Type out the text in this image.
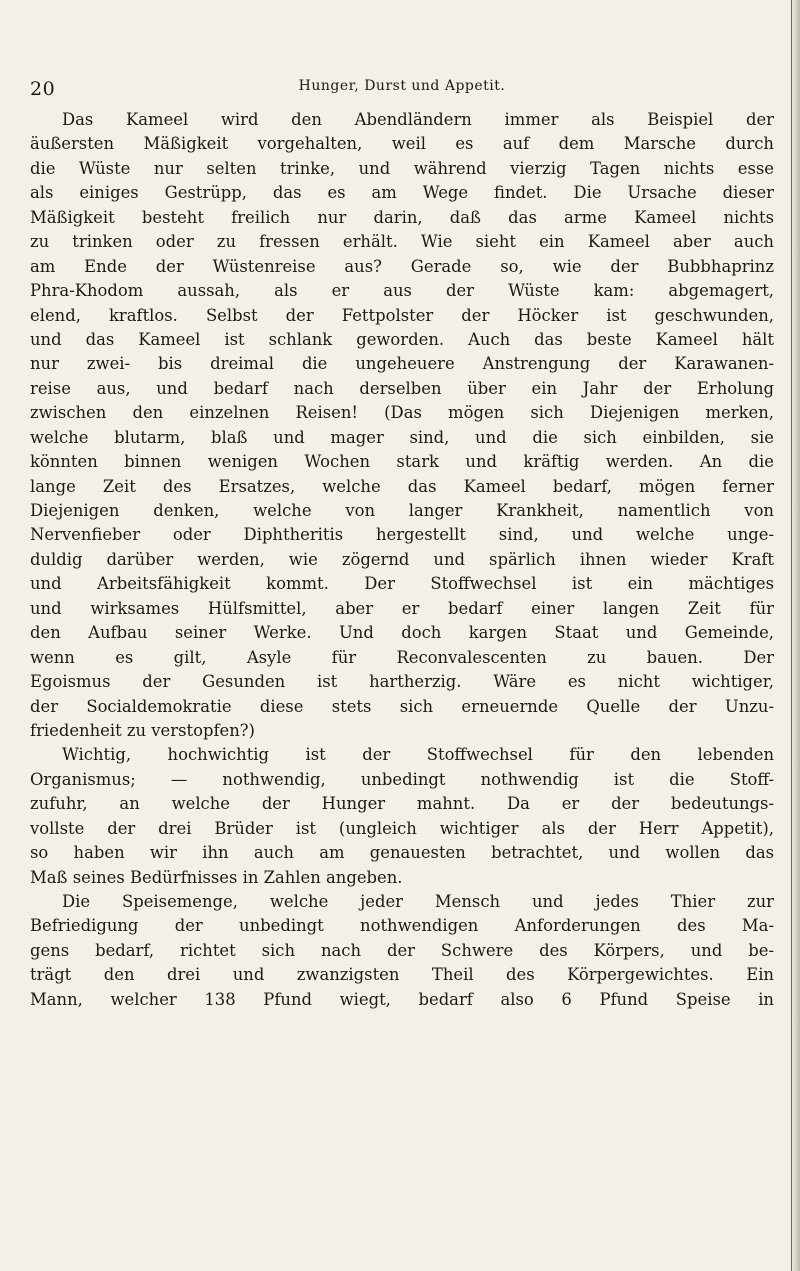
20	Hunger, Durst und Appetit.
Das Kameel wird den Abendländern immer als Beispiel der
äußersten Mäßigkeit vorgehalten, weil es auf dem Marsche durch
die Wüste nur selten trinke, und während vierzig Tagen nichts esse
als einiges Gestrüpp, das es am Wege findet. Die Ursache dieser
Mäßigkeit besteht freilich nur darin, daß das arme Kameel nichts
zu trinken oder zu fressen erhält. Wie sieht ein Kameel aber auch
am Ende der Wüstenreise aus? Gerade so, wie der Bubbhaprinz
Phra-Khodom aussah, als er aus der Wüste kam: abgemagert,
elend, kraftlos. Selbst der Fettpolster der Höcker ist geschwunden,
und das Kameel ist schlank geworden. Auch das beste Kameel hält
nur zwei- bis dreimal die ungeheuere Anstrengung der Karawanen-
reise aus, und bedarf nach derselben über ein Jahr der Erholung
zwischen den einzelnen Reisen! (Das mögen sich Diejenigen merken,
welche blutarm, blaß und mager sind, und die sich einbilden, sie
könnten binnen wenigen Wochen stark und kräftig werden. An die
lange Zeit des Ersatzes, welche das Kameel bedarf, mögen ferner
Diejenigen denken, welche von langer Krankheit, namentlich von
Nervenfieber oder Diphtheritis hergestellt sind, und welche unge-
duldig darüber werden, wie zögernd und spärlich ihnen wieder Kraft
und Arbeitsfähigkeit kommt. Der Stoffwechsel ist ein mächtiges
und wirksames Hülfsmittel, aber er bedarf einer langen Zeit für
den Aufbau seiner Werke. Und doch kargen Staat und Gemeinde,
wenn es gilt, Asyle für Reconvalescenten zu bauen. Der
Egoismus der Gesunden ist hartherzig. Wäre es nicht wichtiger,
der Socialdemokratie diese stets sich erneuernde Quelle der Unzu-
friedenheit zu verstopfen?)
Wichtig, hochwichtig ist der Stoffwechsel für den lebenden
Organismus; — nothwendig, unbedingt nothwendig ist die Stoff-
zufuhr, an welche der Hunger mahnt. Da er der bedeutungs-
vollste der drei Brüder ist (ungleich wichtiger als der Herr Appetit),
so haben wir ihn auch am genauesten betrachtet, und wollen das
Maß seines Bedürfnisses in Zahlen angeben.
Die Speisemenge, welche jeder Mensch und jedes Thier zur
Befriedigung der unbedingt nothwendigen Anforderungen des Ma-
gens bedarf, richtet sich nach der Schwere des Körpers, und be-
trägt den drei und zwanzigsten Theil des Körpergewichtes. Ein
Mann, welcher 138 Pfund wiegt, bedarf also 6 Pfund Speise in
